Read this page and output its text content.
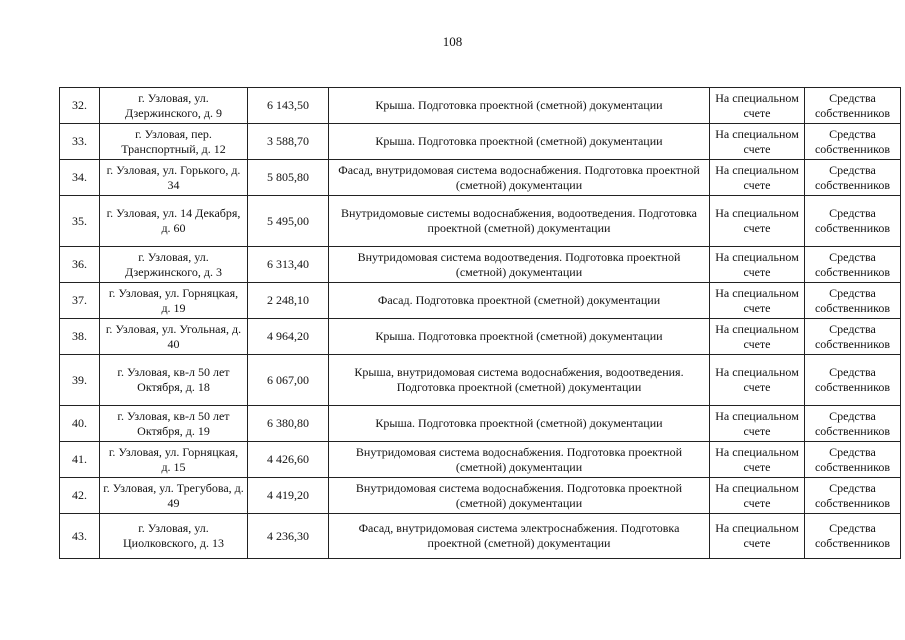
108
32.	г. Узловая, ул. Дзержинского, д. 9	6 143,50	Крыша. Подготовка проектной (сметной) документации	На специальном счете	Средства собственников
33.	г. Узловая, пер. Транспортный, д. 12	3 588,70	Крыша. Подготовка проектной (сметной) документации	На специальном счете	Средства собственников
34.	г. Узловая, ул. Горького, д. 34	5 805,80	Фасад, внутридомовая система водоснабжения. Подготовка проектной (сметной) документации	На специальном счете	Средства собственников
35.	г. Узловая, ул. 14 Декабря, д. 60	5 495,00	Внутридомовые системы водоснабжения, водоотведения. Подготовка проектной (сметной) документации	На специальном счете	Средства собственников
36.	г. Узловая, ул. Дзержинского, д. 3	6 313,40	Внутридомовая система водоотведения. Подготовка проектной (сметной) документации	На специальном счете	Средства собственников
37.	г. Узловая, ул. Горняцкая, д. 19	2 248,10	Фасад. Подготовка проектной (сметной) документации	На специальном счете	Средства собственников
38.	г. Узловая, ул. Угольная, д. 40	4 964,20	Крыша. Подготовка проектной (сметной) документации	На специальном счете	Средства собственников
39.	г. Узловая, кв-л 50 лет Октября, д. 18	6 067,00	Крыша, внутридомовая система водоснабжения, водоотведения. Подготовка проектной (сметной) документации	На специальном счете	Средства собственников
40.	г. Узловая, кв-л 50 лет Октября, д. 19	6 380,80	Крыша. Подготовка проектной (сметной) документации	На специальном счете	Средства собственников
41.	г. Узловая, ул. Горняцкая, д. 15	4 426,60	Внутридомовая система водоснабжения. Подготовка проектной (сметной) документации	На специальном счете	Средства собственников
42.	г. Узловая, ул. Трегубова, д. 49	4 419,20	Внутридомовая система водоснабжения. Подготовка проектной (сметной) документации	На специальном счете	Средства собственников
43.	г. Узловая, ул. Циолковского, д. 13	4 236,30	Фасад, внутридомовая система электроснабжения. Подготовка проектной (сметной) документации	На специальном счете	Средства собственников
